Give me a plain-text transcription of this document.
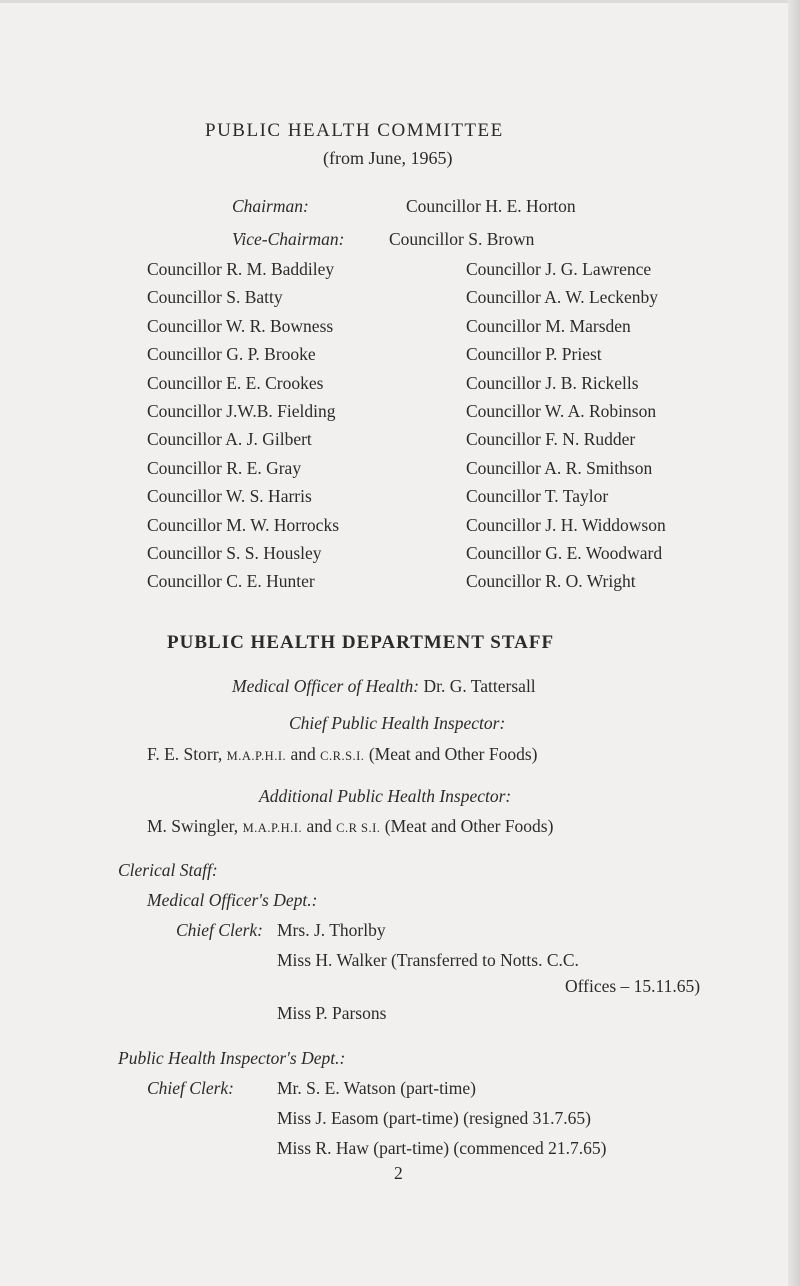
PUBLIC HEALTH COMMITTEE
(from June, 1965)
Chairman:	Councillor H. E. Horton
Vice-Chairman:	Councillor S. Brown
Councillor R. M. Baddiley
Councillor S. Batty
Councillor W. R. Bowness
Councillor G. P. Brooke
Councillor E. E. Crookes
Councillor J.W.B. Fielding
Councillor A. J. Gilbert
Councillor R. E. Gray
Councillor W. S. Harris
Councillor M. W. Horrocks
Councillor S. S. Housley
Councillor C. E. Hunter
Councillor J. G. Lawrence
Councillor A. W. Leckenby
Councillor M. Marsden
Councillor P. Priest
Councillor J. B. Rickells
Councillor W. A. Robinson
Councillor F. N. Rudder
Councillor A. R. Smithson
Councillor T. Taylor
Councillor J. H. Widdowson
Councillor G. E. Woodward
Councillor R. O. Wright
PUBLIC HEALTH DEPARTMENT STAFF
Medical Officer of Health: Dr. G. Tattersall
Chief Public Health Inspector:
F. E. Storr, M.A.P.H.I. and C.R.S.I. (Meat and Other Foods)
Additional Public Health Inspector:
M. Swingler, M.A.P.H.I. and C.R S.I. (Meat and Other Foods)
Clerical Staff:
Medical Officer's Dept.:
Chief Clerk: Mrs. J. Thorlby
Miss H. Walker (Transferred to Notts. C.C.
Offices – 15.11.65)
Miss P. Parsons
Public Health Inspector's Dept.:
Chief Clerk: Mr. S. E. Watson (part-time)
Miss J. Easom (part-time) (resigned 31.7.65)
Miss R. Haw (part-time) (commenced 21.7.65)
2
